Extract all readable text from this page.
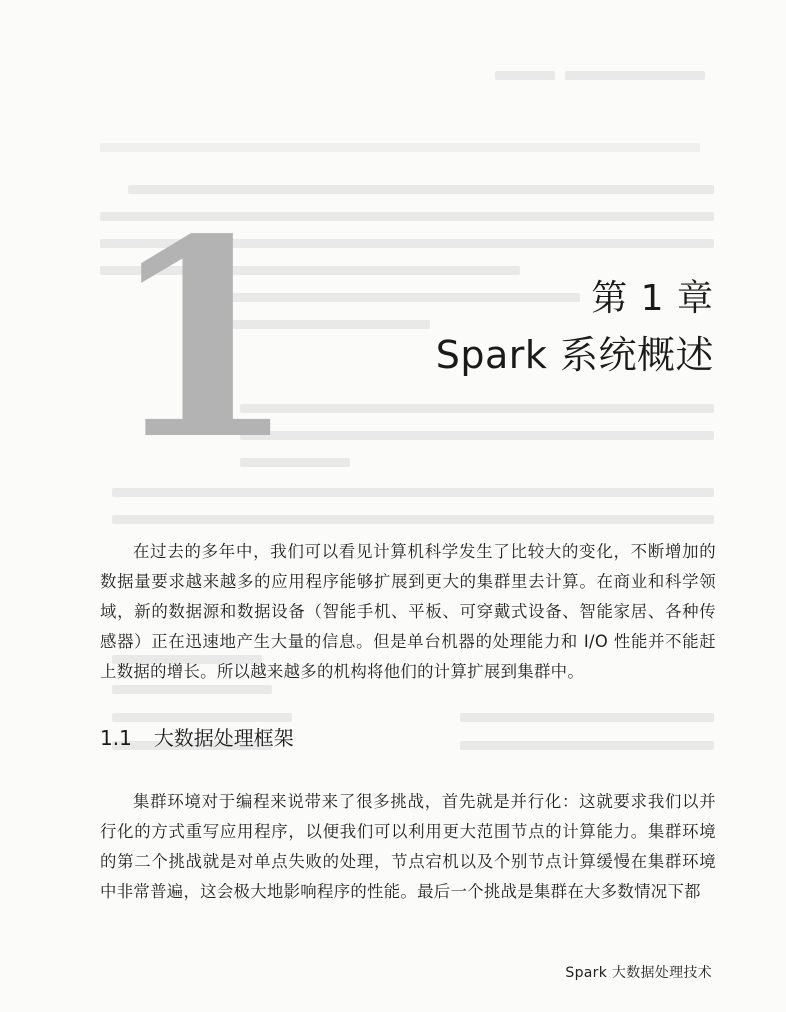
1	第 1 章
Spark 系统概述

在过去的多年中，我们可以看见计算机科学发生了比较大的变化，不断增加的数据量要求越来越多的应用程序能够扩展到更大的集群里去计算。在商业和科学领域，新的数据源和数据设备（智能手机、平板、可穿戴式设备、智能家居、各种传感器）正在迅速地产生大量的信息。但是单台机器的处理能力和 I/O 性能并不能赶上数据的增长。所以越来越多的机构将他们的计算扩展到集群中。

1.1 大数据处理框架

集群环境对于编程来说带来了很多挑战，首先就是并行化：这就要求我们以并行化的方式重写应用程序，以便我们可以利用更大范围节点的计算能力。集群环境的第二个挑战就是对单点失败的处理，节点宕机以及个别节点计算缓慢在集群环境中非常普遍，这会极大地影响程序的性能。最后一个挑战是集群在大多数情况下都

Spark 大数据处理技术
